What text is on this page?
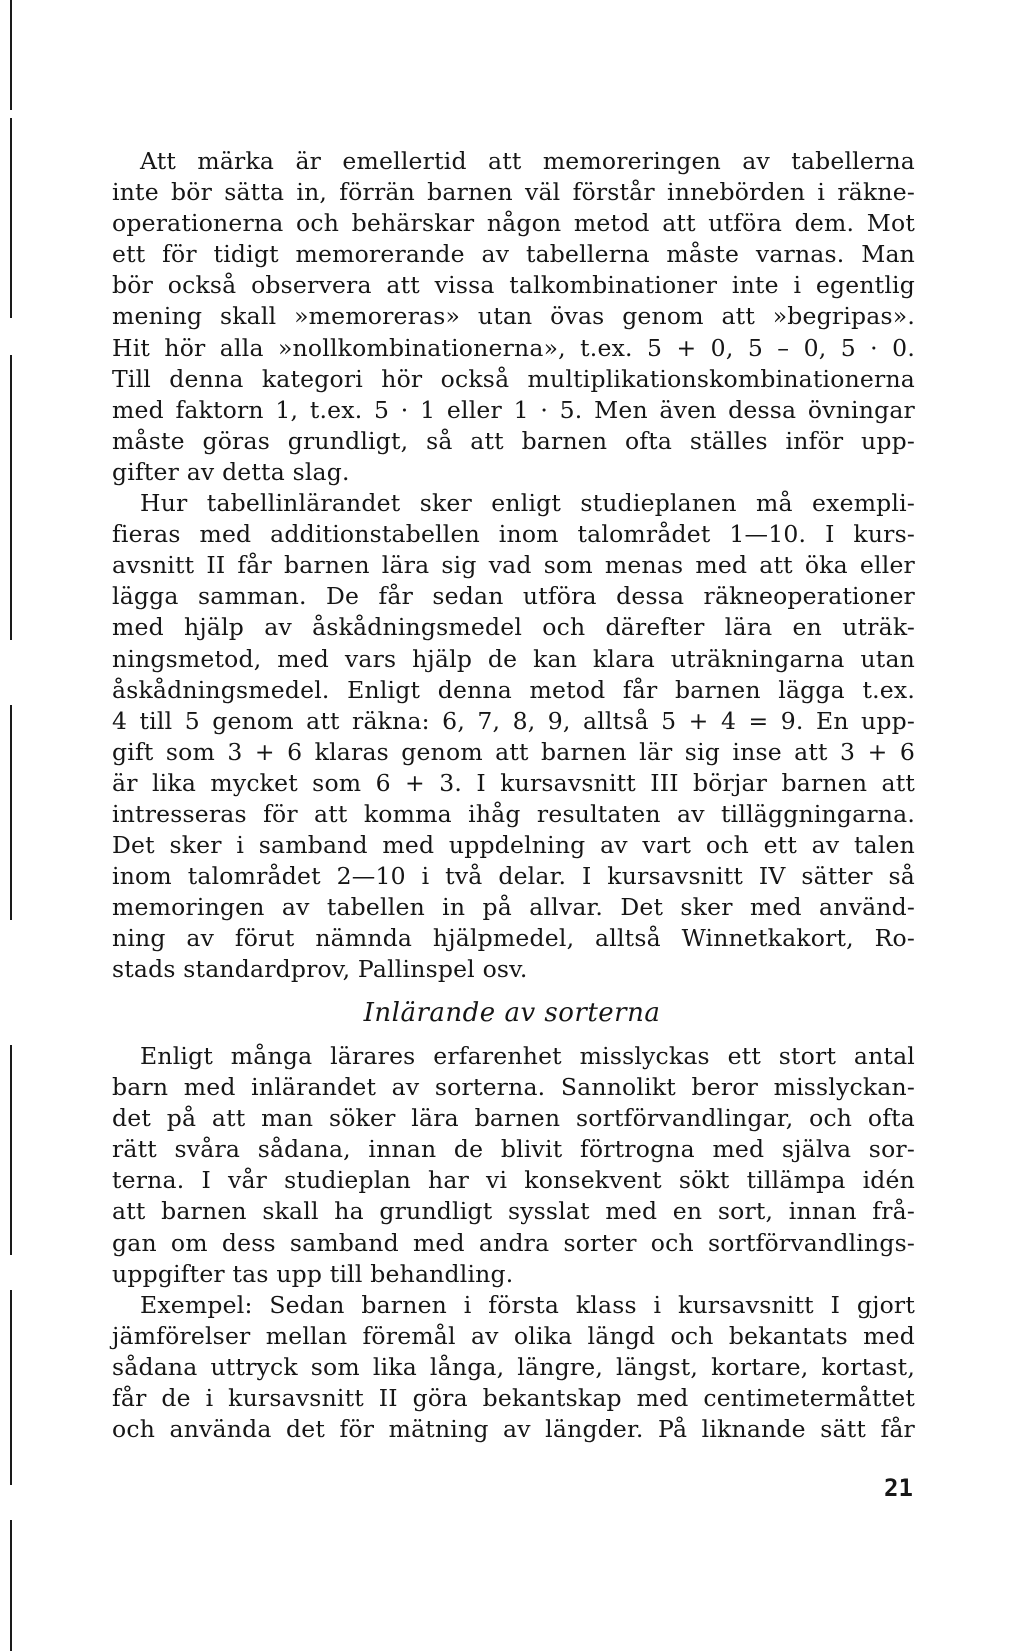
Att märka är emellertid att memoreringen av tabellerna
inte bör sätta in, förrän barnen väl förstår innebörden i räkne-
operationerna och behärskar någon metod att utföra dem. Mot
ett för tidigt memorerande av tabellerna måste varnas. Man
bör också observera att vissa talkombinationer inte i egentlig
mening skall »memoreras» utan övas genom att »begripas».
Hit hör alla »nollkombinationerna», t.ex. 5 + 0, 5 – 0, 5 · 0.
Till denna kategori hör också multiplikationskombinationerna
med faktorn 1, t.ex. 5 · 1 eller 1 · 5. Men även dessa övningar
måste göras grundligt, så att barnen ofta ställes inför upp-
gifter av detta slag.
Hur tabellinlärandet sker enligt studieplanen må exempli-
fieras med additionstabellen inom talområdet 1—10. I kurs-
avsnitt II får barnen lära sig vad som menas med att öka eller
lägga samman. De får sedan utföra dessa räkneoperationer
med hjälp av åskådningsmedel och därefter lära en uträk-
ningsmetod, med vars hjälp de kan klara uträkningarna utan
åskådningsmedel. Enligt denna metod får barnen lägga t.ex.
4 till 5 genom att räkna: 6, 7, 8, 9, alltså 5 + 4 = 9. En upp-
gift som 3 + 6 klaras genom att barnen lär sig inse att 3 + 6
är lika mycket som 6 + 3. I kursavsnitt III börjar barnen att
intresseras för att komma ihåg resultaten av tilläggningarna.
Det sker i samband med uppdelning av vart och ett av talen
inom talområdet 2—10 i två delar. I kursavsnitt IV sätter så
memoringen av tabellen in på allvar. Det sker med använd-
ning av förut nämnda hjälpmedel, alltså Winnetkakort, Ro-
stads standardprov, Pallinspel osv.
Inlärande av sorterna
Enligt många lärares erfarenhet misslyckas ett stort antal
barn med inlärandet av sorterna. Sannolikt beror misslyckan-
det på att man söker lära barnen sortförvandlingar, och ofta
rätt svåra sådana, innan de blivit förtrogna med själva sor-
terna. I vår studieplan har vi konsekvent sökt tillämpa idén
att barnen skall ha grundligt sysslat med en sort, innan frå-
gan om dess samband med andra sorter och sortförvandlings-
uppgifter tas upp till behandling.
Exempel: Sedan barnen i första klass i kursavsnitt I gjort
jämförelser mellan föremål av olika längd och bekantats med
sådana uttryck som lika långa, längre, längst, kortare, kortast,
får de i kursavsnitt II göra bekantskap med centimetermåttet
och använda det för mätning av längder. På liknande sätt får
21
